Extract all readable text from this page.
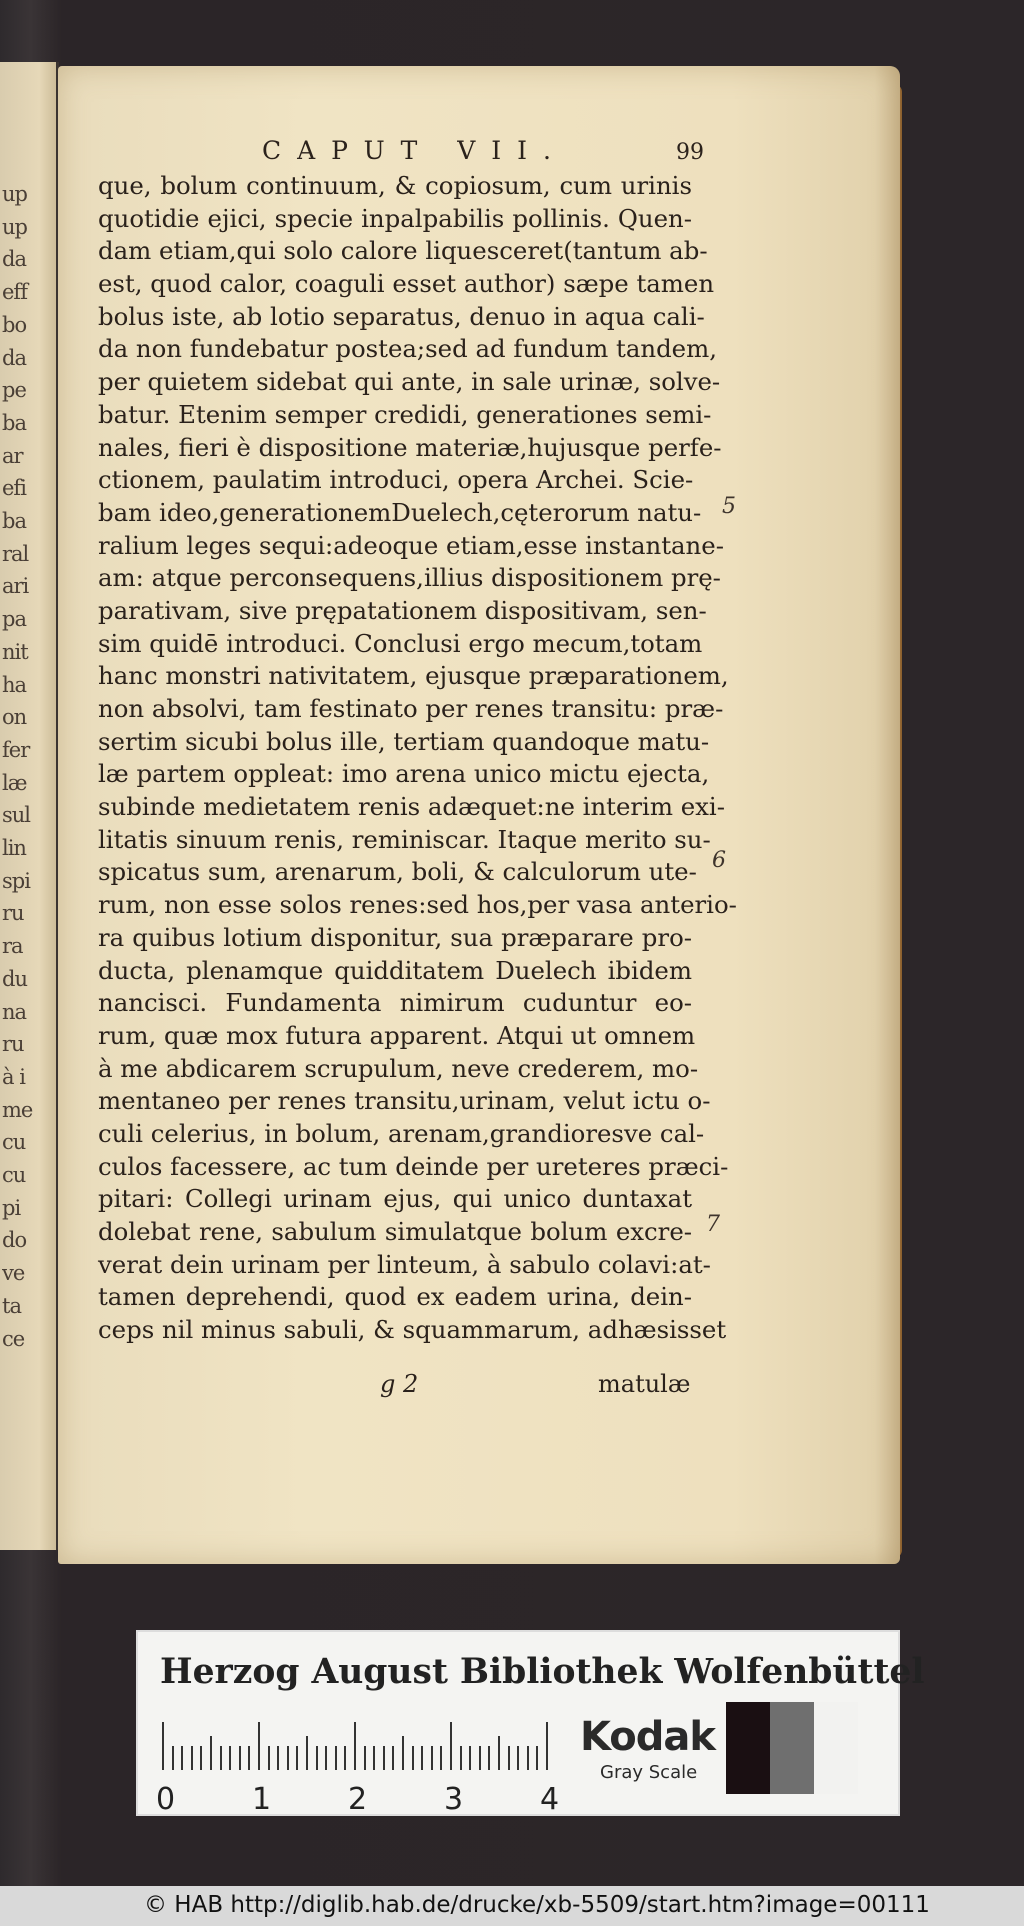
up
up
da
eff
bo
da
pe
ba
ar
efi
ba
ral
ari
pa
nit
ha
on
fer
læ
sul
lin
spi
ru
ra
du
na
ru
à i
me
cu
cu
pi
do
ve
ta
ce
CAPUT VII.	99
que, bolum continuum, & copiosum, cum urinis
quotidie ejici, specie inpalpabilis pollinis. Quen-
dam etiam,qui solo calore liquesceret(tantum ab-
est, quod calor, coaguli esset author) sæpe tamen
bolus iste, ab lotio separatus, denuo in aqua cali-
da non fundebatur postea;sed ad fundum tandem,
per quietem sidebat qui ante, in sale urinæ, solve-
batur. Etenim semper credidi, generationes semi-
nales, fieri è dispositione materiæ,hujusque perfe-
ctionem, paulatim introduci, opera Archei. Scie-
bam ideo,generationemDuelech,cęterorum natu-
ralium leges sequi:adeoque etiam,esse instantane-
am: atque perconsequens,illius dispositionem prę-
parativam, sive prępatationem dispositivam, sen-
sim quidē introduci. Conclusi ergo mecum,totam
hanc monstri nativitatem, ejusque præparationem,
non absolvi, tam festinato per renes transitu: præ-
sertim sicubi bolus ille, tertiam quandoque matu-
læ partem oppleat: imo arena unico mictu ejecta,
subinde medietatem renis adæquet:ne interim exi-
litatis sinuum renis, reminiscar. Itaque merito su-
spicatus sum, arenarum, boli, & calculorum ute-
rum, non esse solos renes:sed hos,per vasa anterio-
ra quibus lotium disponitur, sua præparare pro-
ducta, plenamque quidditatem Duelech ibidem
nancisci. Fundamenta nimirum cuduntur eo-
rum, quæ mox futura apparent. Atqui ut omnem
à me abdicarem scrupulum, neve crederem, mo-
mentaneo per renes transitu,urinam, velut ictu o-
culi celerius, in bolum, arenam,grandioresve cal-
culos facessere, ac tum deinde per ureteres præci-
pitari: Collegi urinam ejus, qui unico duntaxat
dolebat rene, sabulum simulatque bolum excre-
verat dein urinam per linteum, à sabulo colavi:at-
tamen deprehendi, quod ex eadem urina, dein-
ceps nil minus sabuli, & squammarum, adhæsisset
g 2	matulæ
5
6
7
Herzog August Bibliothek Wolfenbüttel
0	1	2	3	4
Kodak
Gray Scale
© HAB http://diglib.hab.de/drucke/xb-5509/start.htm?image=00111
